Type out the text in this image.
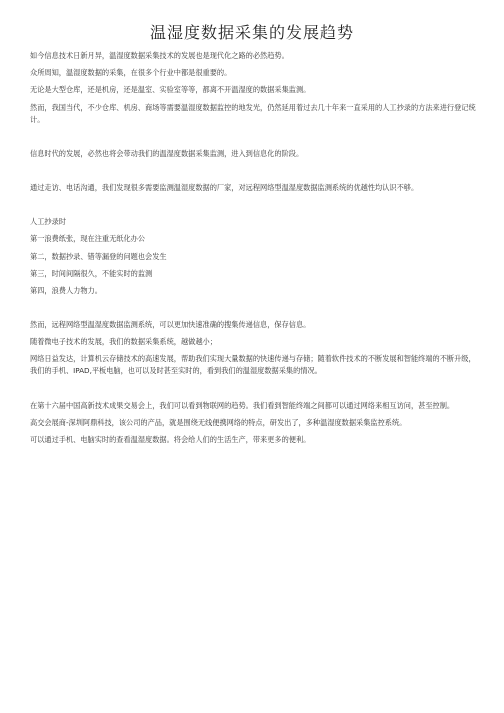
温湿度数据采集的发展趋势

如今信息技术日新月异，温湿度数据采集技术的发展也是现代化之路的必然趋势。

众所周知，温湿度数据的采集，在很多个行业中都是很重要的。

无论是大型仓库，还是机房，还是温室、实验室等等，都离不开温湿度的数据采集监测。

然而，我国当代，不少仓库、机房、商场等需要温湿度数据监控的地发光，仍然延用着过去几十年来一直采用的人工抄录的方法来进行登记统计。

信息时代的发展，必然也将会带动我们的温湿度数据采集监测，进入到信息化的阶段。

通过走访、电话沟通，我们发现很多需要监测温湿度数据的厂家，对远程网络型温湿度数据监测系统的优越性均认识不够。

人工抄录时

第一浪费纸张，现在注重无纸化办公

第二，数据抄录、错等漏登的问题也会发生

第三，时间间隔很久，不能实时的监测

第四，浪费人力物力。

然而，远程网络型温湿度数据监测系统，可以更加快速准确的搜集传递信息，保存信息。

随着微电子技术的发展，我们的数据采集系统，越做越小；

网络日益发达，计算机云存储技术的高速发展，帮助我们实现大量数据的快速传递与存储；随着软件技术的不断发展和智能终端的不断升级，我们的手机、IPAD,平板电脑，也可以及时甚至实时的，看到我们的温湿度数据采集的情况。

在第十六届中国高新技术成果交易会上，我们可以看到物联网的趋势。我们看到智能终端之间都可以通过网络来相互访问，甚至控制。

高交会展商-深圳阿鼎科技，该公司的产品，就是围绕无线便携网络的特点，研发出了，多种温湿度数据采集监控系统。

可以通过手机、电脑实时的查看温湿度数据。将会给人们的生活生产，带来更多的便利。
